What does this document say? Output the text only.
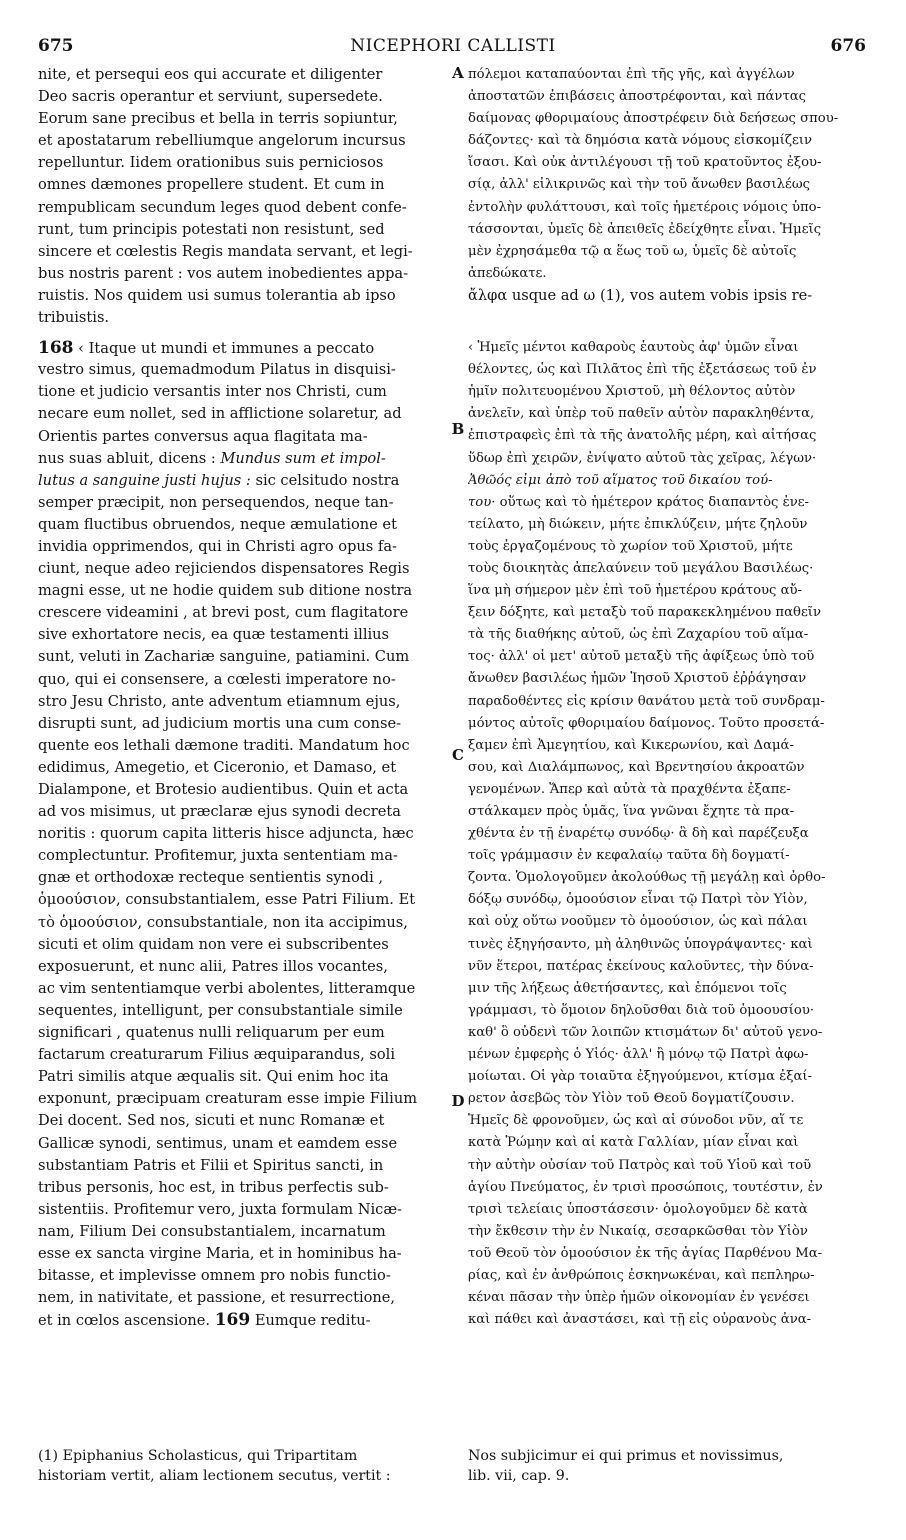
675	NICEPHORI CALLISTI	676
A
B
C
D
nite, et persequi eos qui accurate et diligenter
Deo sacris operantur et serviunt, supersedete.
Eorum sane precibus et bella in terris sopiuntur,
et apostatarum rebelliumque angelorum incursus
repelluntur. Iidem orationibus suis perniciosos
omnes dæmones propellere student. Et cum in
rempublicam secundum leges quod debent confe-
runt, tum principis potestati non resistunt, sed
sincere et cœlestis Regis mandata servant, et legi-
bus nostris parent : vos autem inobedientes appa-
ruistis. Nos quidem usi sumus tolerantia ab ipso
tribuistis.
168 ‹ Itaque ut mundi et immunes a peccato
vestro simus, quemadmodum Pilatus in disquisi-
tione et judicio versantis inter nos Christi, cum
necare eum nollet, sed in afflictione solaretur, ad
Orientis partes conversus aqua flagitata ma-
nus suas abluit, dicens : Mundus sum et impol-
lutus a sanguine justi hujus : sic celsitudo nostra
semper præcipit, non persequendos, neque tan-
quam fluctibus obruendos, neque æmulatione et
invidia opprimendos, qui in Christi agro opus fa-
ciunt, neque adeo rejiciendos dispensatores Regis
magni esse, ut ne hodie quidem sub ditione nostra
crescere videamini , at brevi post, cum flagitatore
sive exhortatore necis, ea quæ testamenti illius
sunt, veluti in Zachariæ sanguine, patiamini. Cum
quo, qui ei consensere, a cœlesti imperatore no-
stro Jesu Christo, ante adventum etiamnum ejus,
disrupti sunt, ad judicium mortis una cum conse-
quente eos lethali dæmone traditi. Mandatum hoc
edidimus, Amegetio, et Ciceronio, et Damaso, et
Dialampone, et Brotesio audientibus. Quin et acta
ad vos misimus, ut præclaræ ejus synodi decreta
noritis : quorum capita litteris hisce adjuncta, hæc
complectuntur. Profitemur, juxta sententiam ma-
gnæ et orthodoxæ recteque sentientis synodi ,
ὁμοούσιον, consubstantialem, esse Patri Filium. Et
τὸ ὁμοούσιον, consubstantiale, non ita accipimus,
sicuti et olim quidam non vere ei subscribentes
exposuerunt, et nunc alii, Patres illos vocantes,
ac vim sententiamque verbi abolentes, litteramque
sequentes, intelligunt, per consubstantiale simile
significari , quatenus nulli reliquarum per eum
factarum creaturarum Filius æquiparandus, soli
Patri similis atque æqualis sit. Qui enim hoc ita
exponunt, præcipuam creaturam esse impie Filium
Dei docent. Sed nos, sicuti et nunc Romanæ et
Gallicæ synodi, sentimus, unam et eamdem esse
substantiam Patris et Filii et Spiritus sancti, in
tribus personis, hoc est, in tribus perfectis sub-
sistentiis. Profitemur vero, juxta formulam Nicæ-
nam, Filium Dei consubstantialem, incarnatum
esse ex sancta virgine Maria, et in hominibus ha-
bitasse, et implevisse omnem pro nobis functio-
nem, in nativitate, et passione, et resurrectione,
et in cœlos ascensione. 169 Eumque reditu-
πόλεμοι καταπαύονται ἐπὶ τῆς γῆς, καὶ ἀγγέλων
ἀποστατῶν ἐπιβάσεις ἀποστρέφονται, καὶ πάντας
δαίμονας φθοριμαίους ἀποστρέφειν διὰ δεήσεως σπου-
δάζοντες· καὶ τὰ δημόσια κατὰ νόμους εἰσκομίζειν
ἴσασι. Καὶ οὐκ ἀντιλέγουσι τῇ τοῦ κρατοῦντος ἐξου-
σίᾳ, ἀλλ' εἰλικρινῶς καὶ τὴν τοῦ ἄνωθεν βασιλέως
ἐντολὴν φυλάττουσι, καὶ τοῖς ἡμετέροις νόμοις ὑπο-
τάσσονται, ὑμεῖς δὲ ἀπειθεῖς ἐδείχθητε εἶναι. Ἡμεῖς
μὲν ἐχρησάμεθα τῷ α ἕως τοῦ ω, ὑμεῖς δὲ αὐτοῖς
ἀπεδώκατε.
ἄλφα usque ad ω (1), vos autem vobis ipsis re-
‹ Ἡμεῖς μέντοι καθαροὺς ἑαυτοὺς ἀφ' ὑμῶν εἶναι
θέλοντες, ὡς καὶ Πιλᾶτος ἐπὶ τῆς ἐξετάσεως τοῦ ἐν
ἡμῖν πολιτευομένου Χριστοῦ, μὴ θέλοντος αὐτὸν
ἀνελεῖν, καὶ ὑπὲρ τοῦ παθεῖν αὐτὸν παρακληθέντα,
ἐπιστραφεὶς ἐπὶ τὰ τῆς ἀνατολῆς μέρη, καὶ αἰτήσας
ὕδωρ ἐπὶ χειρῶν, ἐνίψατο αὐτοῦ τὰς χεῖρας, λέγων·
Ἀθῶός εἰμι ἀπὸ τοῦ αἵματος τοῦ δικαίου τού-
του· οὕτως καὶ τὸ ἡμέτερον κράτος διαπαντὸς ἐνε-
τείλατο, μὴ διώκειν, μήτε ἐπικλύζειν, μήτε ζηλοῦν
τοὺς ἐργαζομένους τὸ χωρίον τοῦ Χριστοῦ, μήτε
τοὺς διοικητὰς ἀπελαύνειν τοῦ μεγάλου Βασιλέως·
ἵνα μὴ σήμερον μὲν ἐπὶ τοῦ ἡμετέρου κράτους αὔ-
ξειν δόξητε, καὶ μεταξὺ τοῦ παρακεκλημένου παθεῖν
τὰ τῆς διαθήκης αὐτοῦ, ὡς ἐπὶ Ζαχαρίου τοῦ αἵμα-
τος· ἀλλ' οἱ μετ' αὐτοῦ μεταξὺ τῆς ἀφίξεως ὑπὸ τοῦ
ἄνωθεν βασιλέως ἡμῶν Ἰησοῦ Χριστοῦ ἐῤῥάγησαν
παραδοθέντες εἰς κρίσιν θανάτου μετὰ τοῦ συνδραμ-
μόντος αὐτοῖς φθοριμαίου δαίμονος. Τοῦτο προσετά-
ξαμεν ἐπὶ Ἀμεγητίου, καὶ Κικερωνίου, καὶ Δαμά-
σου, καὶ Διαλάμπωνος, καὶ Βρεντησίου ἀκροατῶν
γενομένων. Ἅπερ καὶ αὐτὰ τὰ πραχθέντα ἐξαπε-
στάλκαμεν πρὸς ὑμᾶς, ἵνα γνῶναι ἔχητε τὰ πρα-
χθέντα ἐν τῇ ἐναρέτῳ συνόδῳ· ἃ δὴ καὶ παρέζευξα
τοῖς γράμμασιν ἐν κεφαλαίῳ ταῦτα δὴ δογματί-
ζοντα. Ὁμολογοῦμεν ἀκολούθως τῇ μεγάλῃ καὶ ὀρθο-
δόξῳ συνόδῳ, ὁμοούσιον εἶναι τῷ Πατρὶ τὸν Υἱὸν,
καὶ οὐχ οὕτω νοοῦμεν τὸ ὁμοούσιον, ὡς καὶ πάλαι
τινὲς ἐξηγήσαντο, μὴ ἀληθινῶς ὑπογράψαντες· καὶ
νῦν ἕτεροι, πατέρας ἐκείνους καλοῦντες, τὴν δύνα-
μιν τῆς λήξεως ἀθετήσαντες, καὶ ἑπόμενοι τοῖς
γράμμασι, τὸ ὅμοιον δηλοῦσθαι διὰ τοῦ ὁμοουσίου·
καθ' ὃ οὐδενὶ τῶν λοιπῶν κτισμάτων δι' αὐτοῦ γενο-
μένων ἐμφερὴς ὁ Υἱός· ἀλλ' ἢ μόνῳ τῷ Πατρὶ ἀφω-
μοίωται. Οἱ γὰρ τοιαῦτα ἐξηγούμενοι, κτίσμα ἐξαί-
ρετον ἀσεβῶς τὸν Υἱὸν τοῦ Θεοῦ δογματίζουσιν.
Ἡμεῖς δὲ φρονοῦμεν, ὡς καὶ αἱ σύνοδοι νῦν, αἵ τε
κατὰ Ῥώμην καὶ αἱ κατὰ Γαλλίαν, μίαν εἶναι καὶ
τὴν αὐτὴν οὐσίαν τοῦ Πατρὸς καὶ τοῦ Υἱοῦ καὶ τοῦ
ἁγίου Πνεύματος, ἐν τρισὶ προσώποις, τουτέστιν, ἐν
τρισὶ τελείαις ὑποστάσεσιν· ὁμολογοῦμεν δὲ κατὰ
τὴν ἔκθεσιν τὴν ἐν Νικαίᾳ, σεσαρκῶσθαι τὸν Υἱὸν
τοῦ Θεοῦ τὸν ὁμοούσιον ἐκ τῆς ἁγίας Παρθένου Μα-
ρίας, καὶ ἐν ἀνθρώποις ἐσκηνωκέναι, καὶ πεπληρω-
κέναι πᾶσαν τὴν ὑπὲρ ἡμῶν οἰκονομίαν ἐν γενέσει
καὶ πάθει καὶ ἀναστάσει, καὶ τῇ εἰς οὐρανοὺς ἀνα-
(1) Epiphanius Scholasticus, qui Tripartitam
historiam vertit, aliam lectionem secutus, vertit :
Nos subjicimur ei qui primus et novissimus,
lib. vii, cap. 9.
